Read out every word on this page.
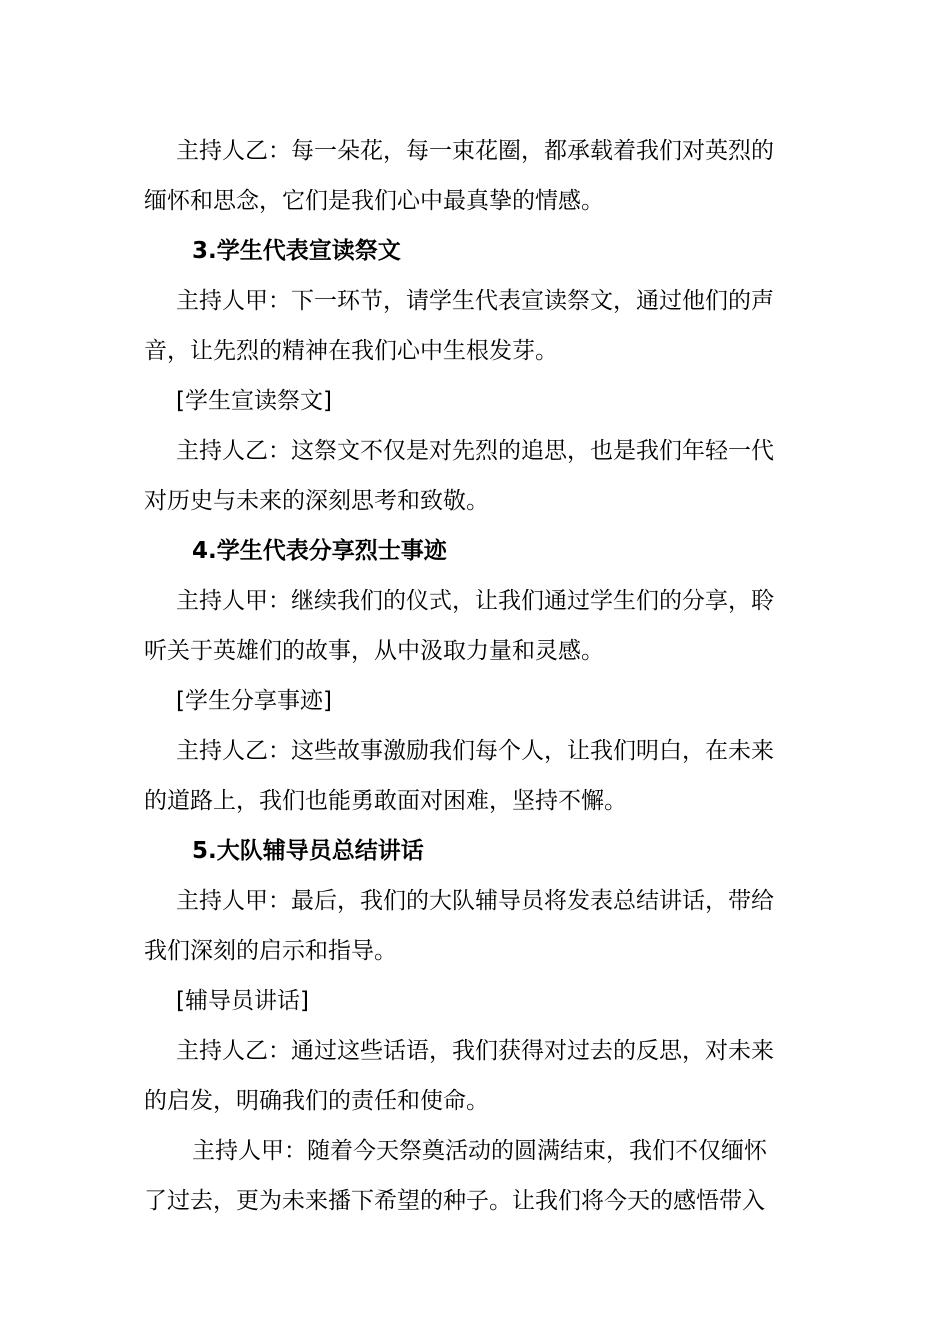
主持人乙：每一朵花，每一束花圈，都承载着我们对英烈的
缅怀和思念，它们是我们心中最真挚的情感。
3.学生代表宣读祭文
主持人甲：下一环节，请学生代表宣读祭文，通过他们的声
音，让先烈的精神在我们心中生根发芽。
[学生宣读祭文]
主持人乙：这祭文不仅是对先烈的追思，也是我们年轻一代
对历史与未来的深刻思考和致敬。
4.学生代表分享烈士事迹
主持人甲：继续我们的仪式，让我们通过学生们的分享，聆
听关于英雄们的故事，从中汲取力量和灵感。
[学生分享事迹]
主持人乙：这些故事激励我们每个人，让我们明白，在未来
的道路上，我们也能勇敢面对困难，坚持不懈。
5.大队辅导员总结讲话
主持人甲：最后，我们的大队辅导员将发表总结讲话，带给
我们深刻的启示和指导。
[辅导员讲话]
主持人乙：通过这些话语，我们获得对过去的反思，对未来
的启发，明确我们的责任和使命。
主持人甲：随着今天祭奠活动的圆满结束，我们不仅缅怀
了过去，更为未来播下希望的种子。让我们将今天的感悟带入
